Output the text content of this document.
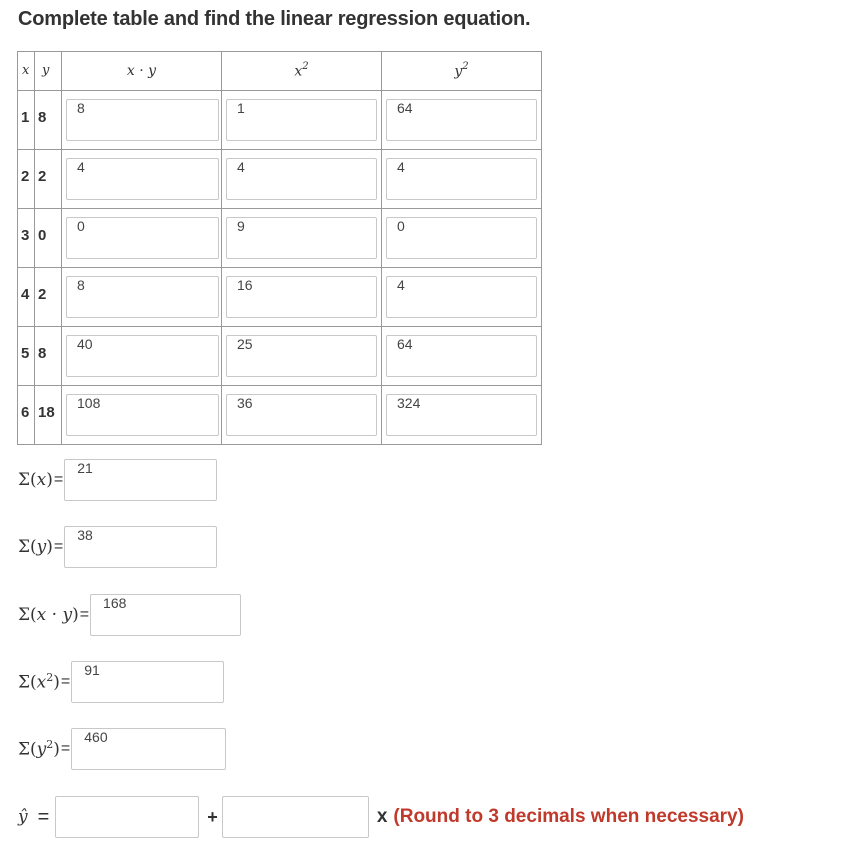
Complete table and find the linear regression equation.
x y	x · y	$x^2$	$y^2$

1 8	8	1	64

2 2	4	4	4

3 0	0	9	0

4 2	8	16	4

5 8	40	25	64

6 18	108	36	324
Σ(x) =
21
Σ(y) =
38
Σ(x · y) =
168
$\Sigma(x^2)$ =
91
$\Sigma(y^2)$ =
460
ŷ =	+	x (Round to 3 decimals when necessary)
